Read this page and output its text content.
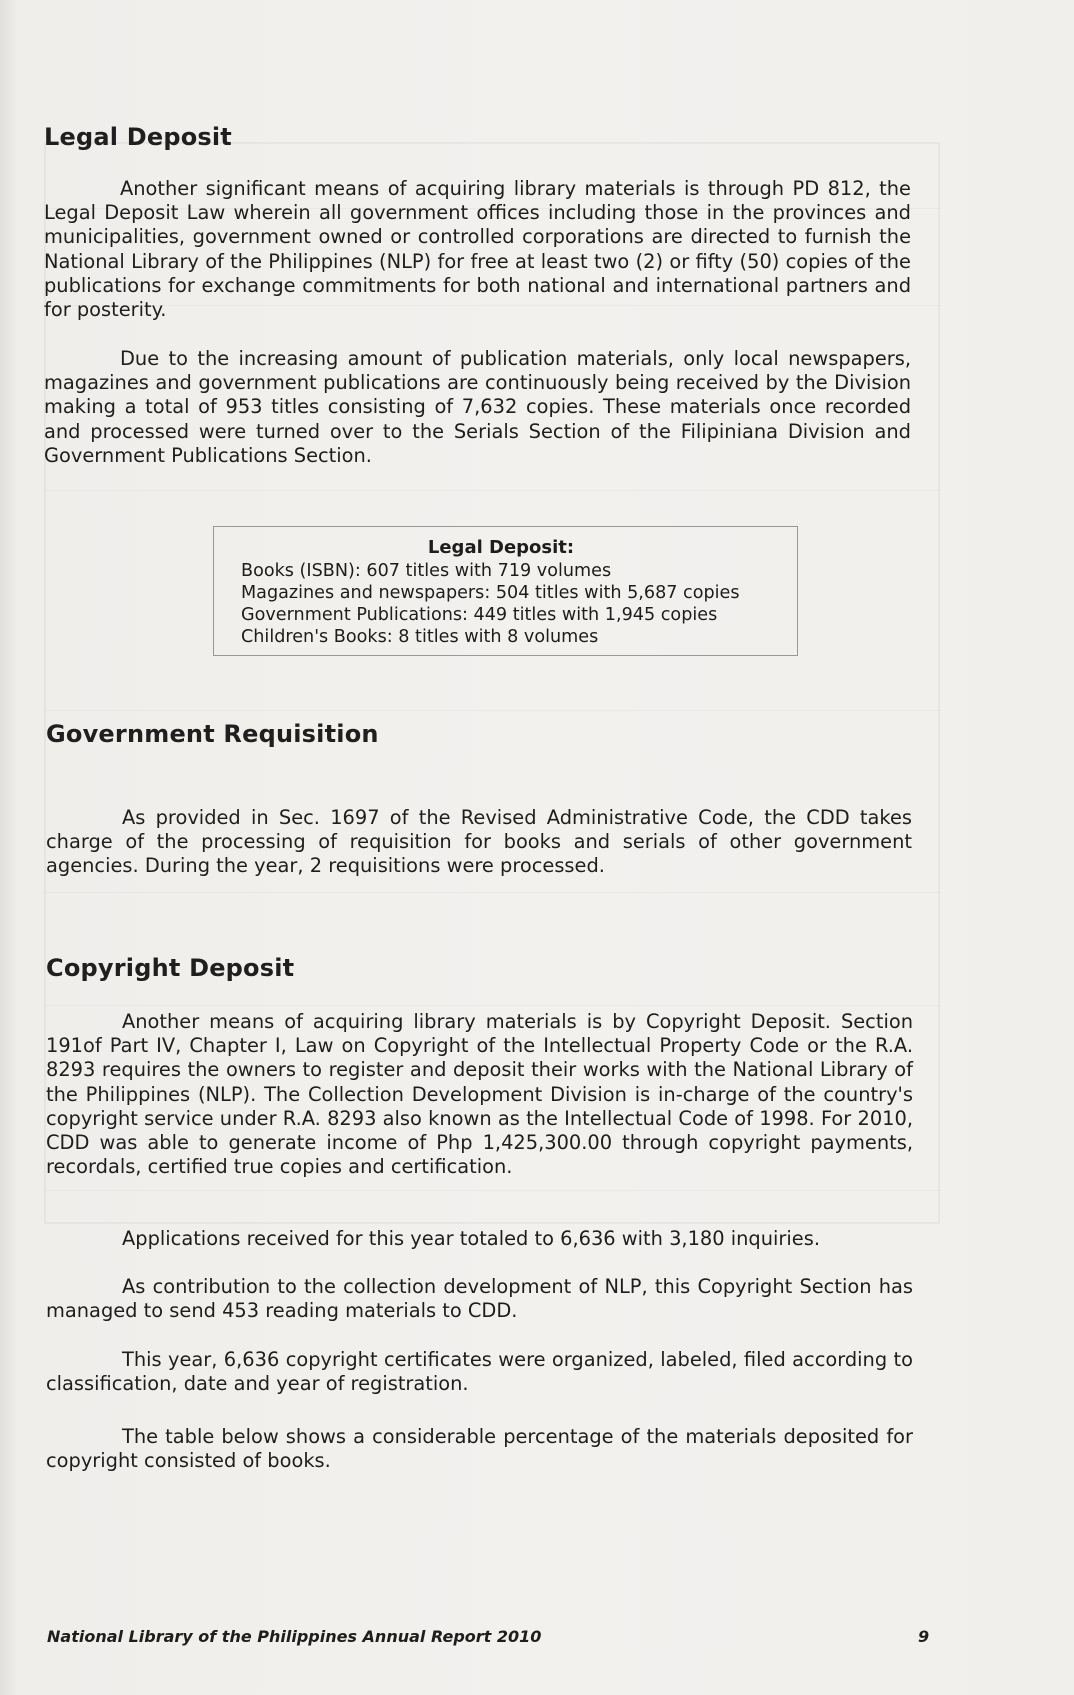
Legal Deposit

Another significant means of acquiring library materials is through PD 812, the Legal Deposit Law wherein all government offices including those in the provinces and municipalities, government owned or controlled corporations are directed to furnish the National Library of the Philippines (NLP) for free at least two (2) or fifty (50) copies of the publications for exchange commitments for both national and international partners and for posterity.

Due to the increasing amount of publication materials, only local newspapers, magazines and government publications are continuously being received by the Division making a total of 953 titles consisting of 7,632 copies. These materials once recorded and processed were turned over to the Serials Section of the Filipiniana Division and Government Publications Section.

Legal Deposit:
Books (ISBN): 607 titles with 719 volumes
Magazines and newspapers: 504 titles with 5,687 copies
Government Publications: 449 titles with 1,945 copies
Children's Books: 8 titles with 8 volumes
Government Requisition

As provided in Sec. 1697 of the Revised Administrative Code, the CDD takes charge of the processing of requisition for books and serials of other government agencies. During the year, 2 requisitions were processed.

Copyright Deposit

Another means of acquiring library materials is by Copyright Deposit. Section 191of Part IV, Chapter I, Law on Copyright of the Intellectual Property Code or the R.A. 8293 requires the owners to register and deposit their works with the National Library of the Philippines (NLP). The Collection Development Division is in-charge of the country's copyright service under R.A. 8293 also known as the Intellectual Code of 1998. For 2010, CDD was able to generate income of Php 1,425,300.00 through copyright payments, recordals, certified true copies and certification.

Applications received for this year totaled to 6,636 with 3,180 inquiries.

As contribution to the collection development of NLP, this Copyright Section has managed to send 453 reading materials to CDD.

This year, 6,636 copyright certificates were organized, labeled, filed according to classification, date and year of registration.

The table below shows a considerable percentage of the materials deposited for copyright consisted of books.

National Library of the Philippines Annual Report 2010	9
